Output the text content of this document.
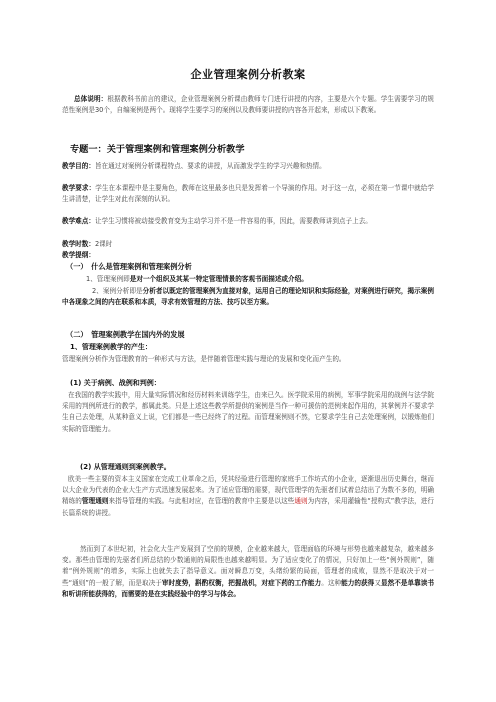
企业管理案例分析教案
总体说明：根据教科书前言的建议，企业管理案例分析课由教师专门进行讲授的内容，主要是六个专题。学生需要学习的规范性案例是30个，自编案例是两个。现将学生要学习的案例以及教师要讲授的内容各开起来，形成以下教案。
专题一：关于管理案例和管理案例分析教学
教学目的：旨在通过对案例分析课程特点、要求的讲授，从而激发学生的学习兴趣和热情。
教学要求：学生在本课程中是主要角色，教师在这里最多也只是发挥着一个导演的作用。对于这一点，必须在第一节课中就给学生讲清楚，让学生对此有深刻的认识。
教学难点：让学生习惯将被动接受教育变为主动学习并不是一件容易的事，因此，需要教师讲到点子上去。
教学时数：2课时
教学提纲：
（一）　什么是管理案例和管理案例分析
1、管理案例即是对一个组织及其某一特定管理情景的客观书面描述或介绍。
2、案例分析即是分析者以既定的管理案例为直接对象，运用自己的理论知识和实际经验，对案例进行研究，揭示案例中各现象之间的内在联系和本质，寻求有效管理的方法、技巧以至方案。
（二）　管理案例教学在国内外的发展
1、管理案例教学的产生：
管理案例分析作为管理教育的一种形式与方法，是伴随着管理实践与理论的发展和变化而产生的。
(1) 关于病例、战例和判例：
在我国的教学实践中，用大量实际情况和经历材料来训练学生，由来已久。医学院采用的病例，军事学院采用的战例与法学院采用的判例所进行的教学，都属此类。只是上述这些教学所提供的案例是当作一种可援仿的范例来起作用的，其掌例并不要求学生自己去处理，从某种意义上说，它们都是一些已经终了的过程。而管理案例则不然，它要求学生自己去处理案例，以锻炼他们实际的管理能力。
(2) 从管理通则到案例教学。
欧美一些主要的资本主义国家在完成工业革命之后，凭其经验进行管理的家庭手工作坊式的小企业，逐渐退出历史舞台，继而以大企业为代表的企业大生产方式迅速发展起来。为了适应管理的需要，现代管理学的先驱者们试着总结出了为数不多的，明确精练的管理通则来指导管理的实践。与此相对应，在管理的教育中主要是以这些通则为内容，采用灌输性“授构式”教学法，进行长篇系统的讲授。
然而到了本世纪初，社会化大生产发展到了空前的规模，企业越来越大，管理面临的环境与形势也越来越复杂，越来越多变。那些由管理的先驱者们所总结的少数通则的局限性也越来越明显。为了适应变化了的情况，只好加上一些“例外规则”，随着“例外规则”的增多，实际上也就失去了指导意义。面对瞬息万变，头绪纷繁的局面，管理者的成败，显然不是取决于对一些“通则”的一般了解，而是取决于审时度势，斟酌权衡，把握战机，对症下药的工作能力。这种能力的获得又显然不是单靠读书和听讲所能获得的，而需要的是在实践经验中的学习与体会。
